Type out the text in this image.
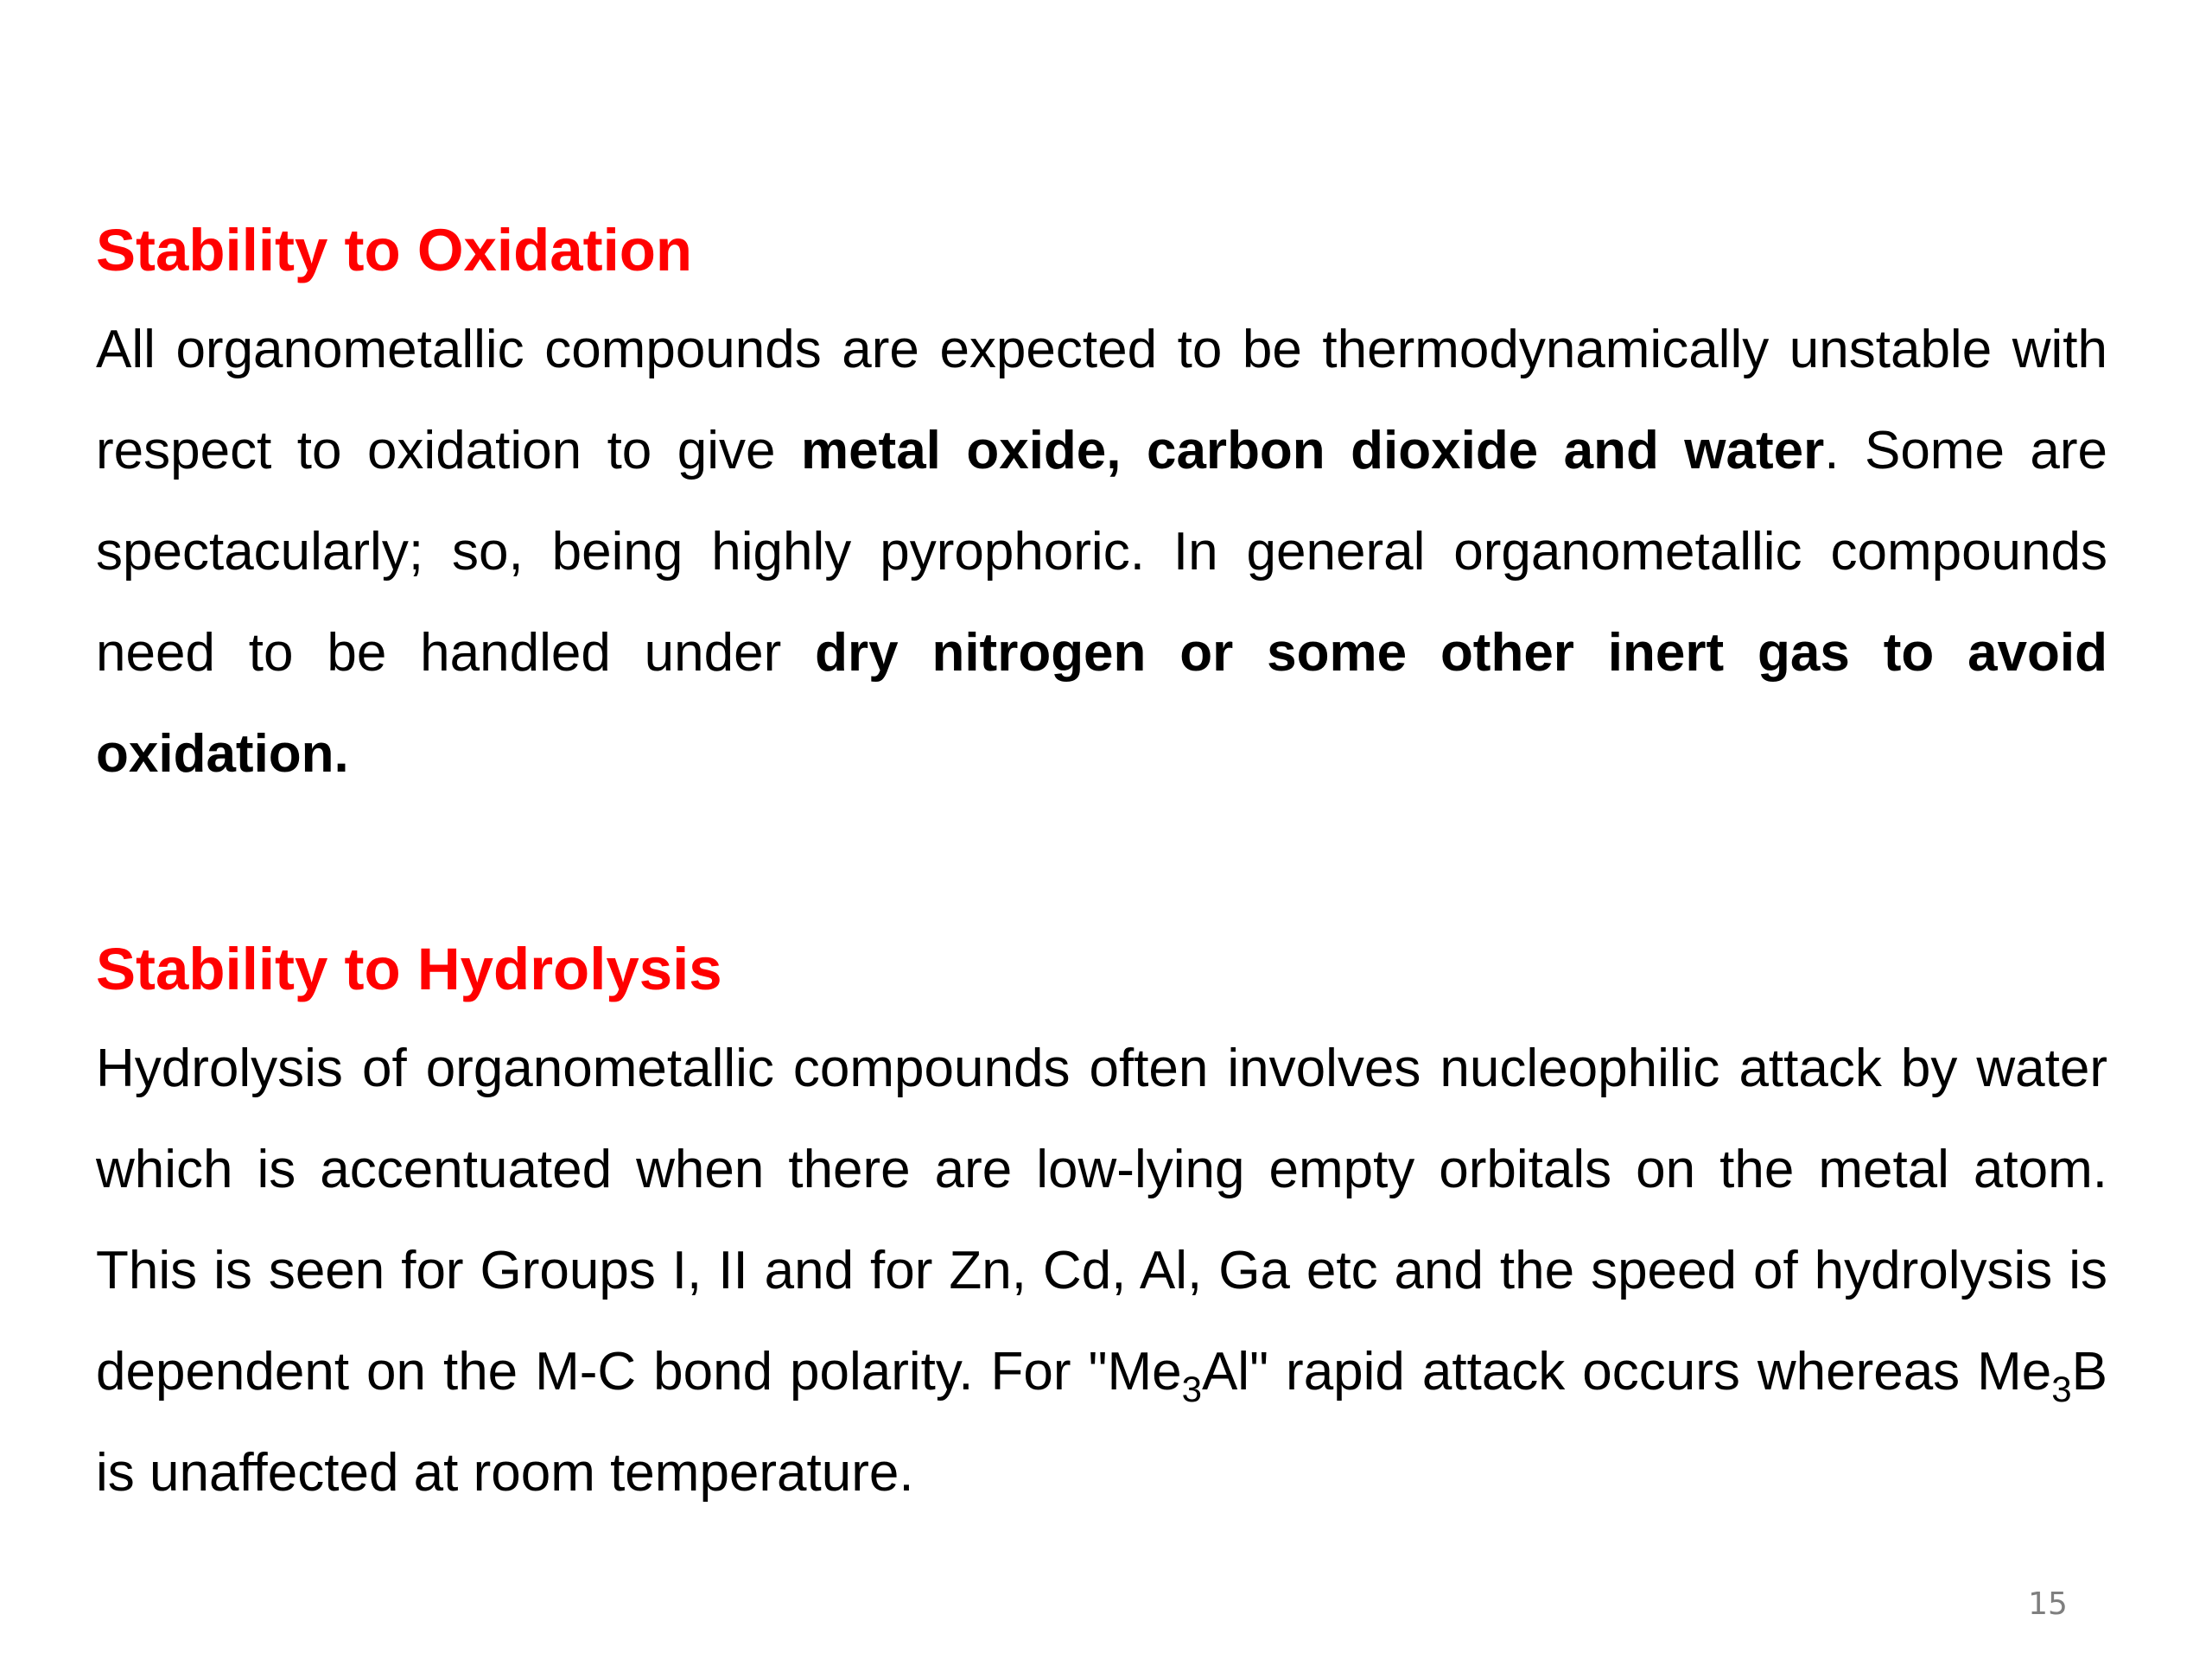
Stability to Oxidation

All organometallic compounds are expected to be thermodynamically unstable with respect to oxidation to give metal oxide, carbon dioxide and water. Some are spectacularly; so, being highly pyrophoric. In general organometallic compounds need to be handled under dry nitrogen or some other inert gas to avoid oxidation.

Stability to Hydrolysis

Hydrolysis of organometallic compounds often involves nucleophilic attack by water which is accentuated when there are low-lying empty orbitals on the metal atom. This is seen for Groups I, II and for Zn, Cd, Al, Ga etc and the speed of hydrolysis is dependent on the M-C bond polarity. For "$Me_3Al$" rapid attack occurs whereas $Me_3B$ is unaffected at room temperature.

15
